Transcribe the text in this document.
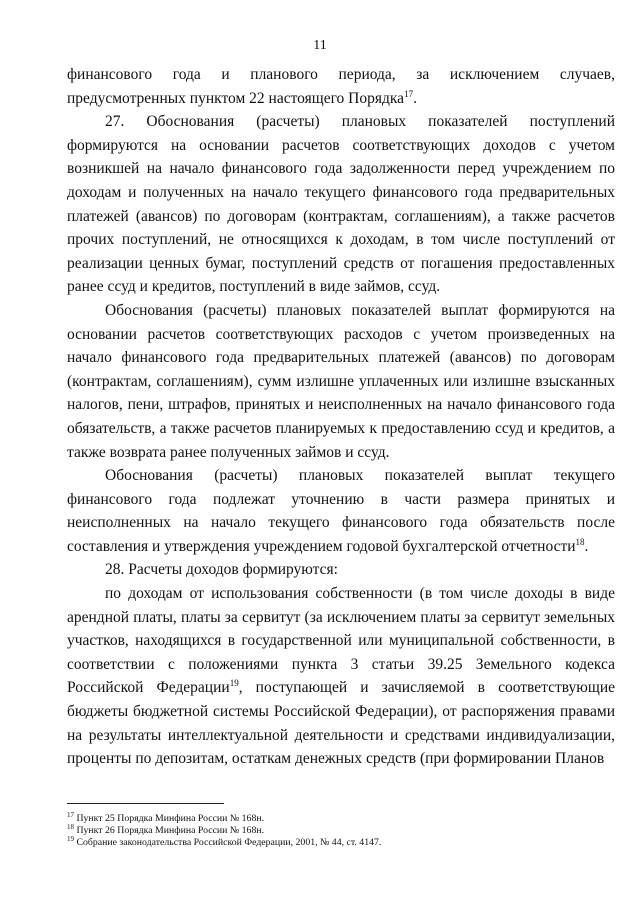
11

финансового года и планового периода, за исключением случаев, предусмотренных пунктом 22 настоящего Порядка$^{17}$.

27. Обоснования (расчеты) плановых показателей поступлений формируются на основании расчетов соответствующих доходов с учетом возникшей на начало финансового года задолженности перед учреждением по доходам и полученных на начало текущего финансового года предварительных платежей (авансов) по договорам (контрактам, соглашениям), а также расчетов прочих поступлений, не относящихся к доходам, в том числе поступлений от реализации ценных бумаг, поступлений средств от погашения предоставленных ранее ссуд и кредитов, поступлений в виде займов, ссуд.

Обоснования (расчеты) плановых показателей выплат формируются на основании расчетов соответствующих расходов с учетом произведенных на начало финансового года предварительных платежей (авансов) по договорам (контрактам, соглашениям), сумм излишне уплаченных или излишне взысканных налогов, пени, штрафов, принятых и неисполненных на начало финансового года обязательств, а также расчетов планируемых к предоставлению ссуд и кредитов, а также возврата ранее полученных займов и ссуд.

Обоснования (расчеты) плановых показателей выплат текущего финансового года подлежат уточнению в части размера принятых и неисполненных на начало текущего финансового года обязательств после составления и утверждения учреждением годовой бухгалтерской отчетности$^{18}$.

28. Расчеты доходов формируются:

по доходам от использования собственности (в том числе доходы в виде арендной платы, платы за сервитут (за исключением платы за сервитут земельных участков, находящихся в государственной или муниципальной собственности, в соответствии с положениями пункта 3 статьи 39.25 Земельного кодекса Российской Федерации$^{19}$, поступающей и зачисляемой в соответствующие бюджеты бюджетной системы Российской Федерации), от распоряжения правами на результаты интеллектуальной деятельности и средствами индивидуализации, проценты по депозитам, остаткам денежных средств (при формировании Планов

$^{17}$ Пункт 25 Порядка Минфина России № 168н.
$^{18}$ Пункт 26 Порядка Минфина России № 168н.
$^{19}$ Собрание законодательства Российской Федерации, 2001, № 44, ст. 4147.
